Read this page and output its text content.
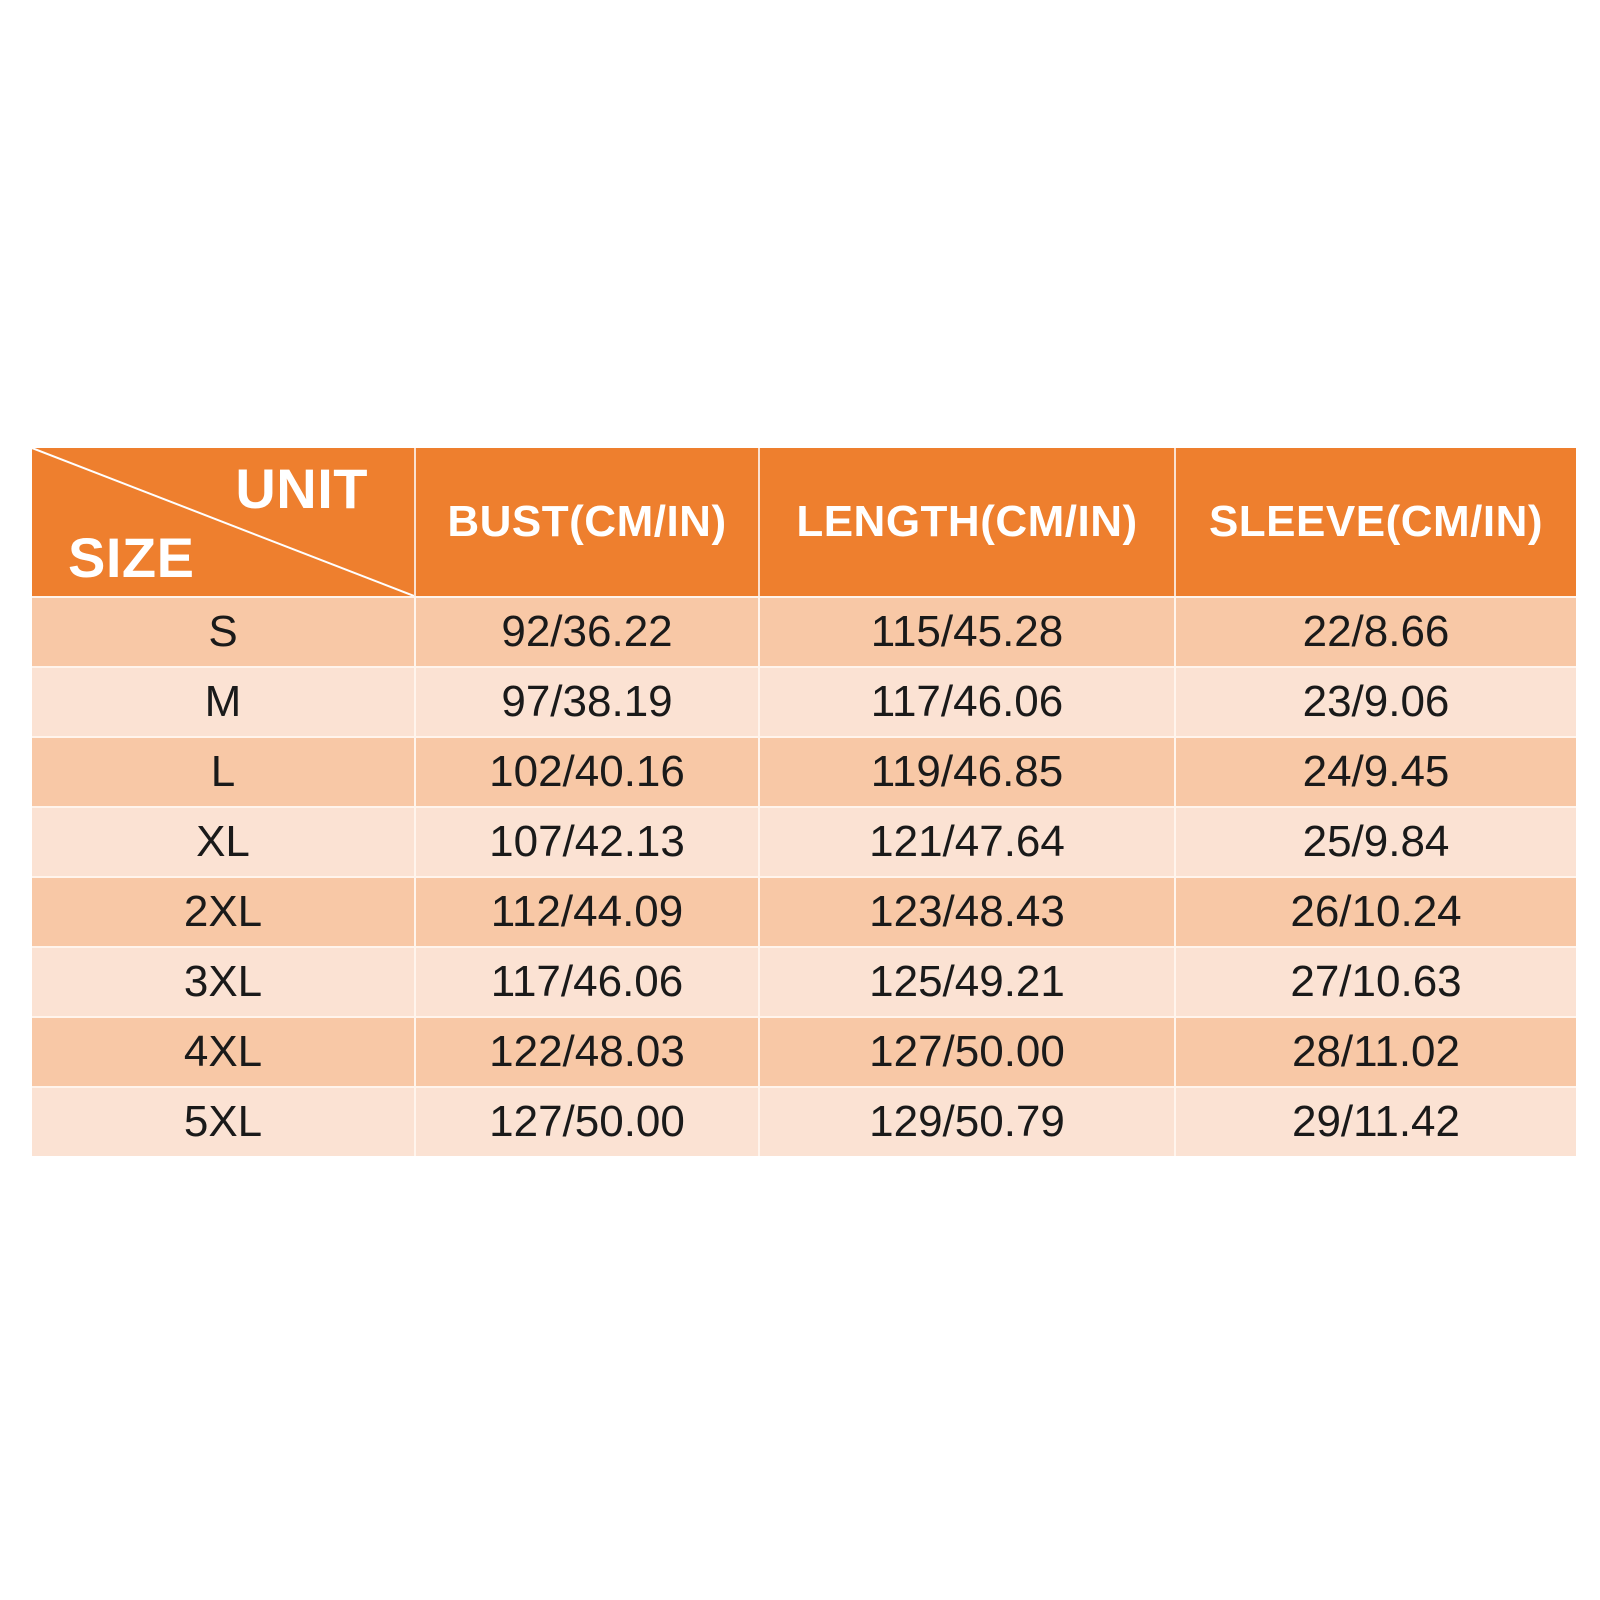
UNIT
SIZE	BUST(CM/IN)	LENGTH(CM/IN)	SLEEVE(CM/IN)
S	92/36.22	115/45.28	22/8.66
M	97/38.19	117/46.06	23/9.06
L	102/40.16	119/46.85	24/9.45
XL	107/42.13	121/47.64	25/9.84
2XL	112/44.09	123/48.43	26/10.24
3XL	117/46.06	125/49.21	27/10.63
4XL	122/48.03	127/50.00	28/11.02
5XL	127/50.00	129/50.79	29/11.42
